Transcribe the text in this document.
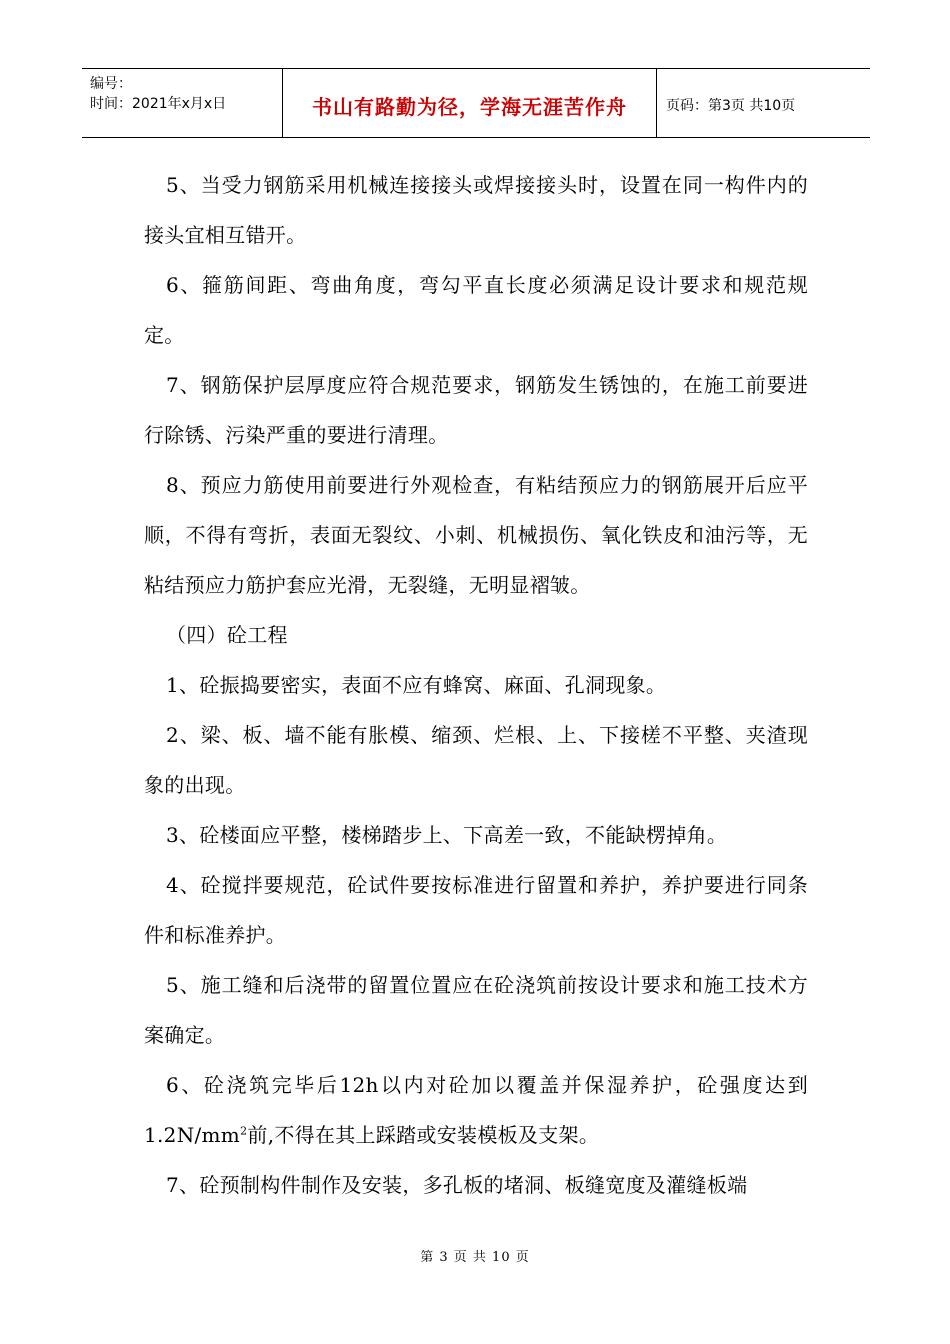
编号：
时间：2021年x月x日	书山有路勤为径，学海无涯苦作舟	页码：第3页 共10页

5、当受力钢筋采用机械连接接头或焊接接头时，设置在同一构件内的接头宜相互错开。

6、箍筋间距、弯曲角度，弯勾平直长度必须满足设计要求和规范规定。

7、钢筋保护层厚度应符合规范要求，钢筋发生锈蚀的，在施工前要进行除锈、污染严重的要进行清理。

8、预应力筋使用前要进行外观检查，有粘结预应力的钢筋展开后应平顺，不得有弯折，表面无裂纹、小刺、机械损伤、氧化铁皮和油污等，无粘结预应力筋护套应光滑，无裂缝，无明显褶皱。

（四）砼工程

1、砼振捣要密实，表面不应有蜂窝、麻面、孔洞现象。

2、梁、板、墙不能有胀模、缩颈、烂根、上、下接槎不平整、夹渣现象的出现。

3、砼楼面应平整，楼梯踏步上、下高差一致，不能缺楞掉角。

4、砼搅拌要规范，砼试件要按标准进行留置和养护，养护要进行同条件和标准养护。

5、施工缝和后浇带的留置位置应在砼浇筑前按设计要求和施工技术方案确定。

6、砼浇筑完毕后12h以内对砼加以覆盖并保湿养护，砼强度达到$1.2N/mm^2$前,不得在其上踩踏或安装模板及支架。

7、砼预制构件制作及安装，多孔板的堵洞、板缝宽度及灌缝板端

第 3 页 共 10 页
